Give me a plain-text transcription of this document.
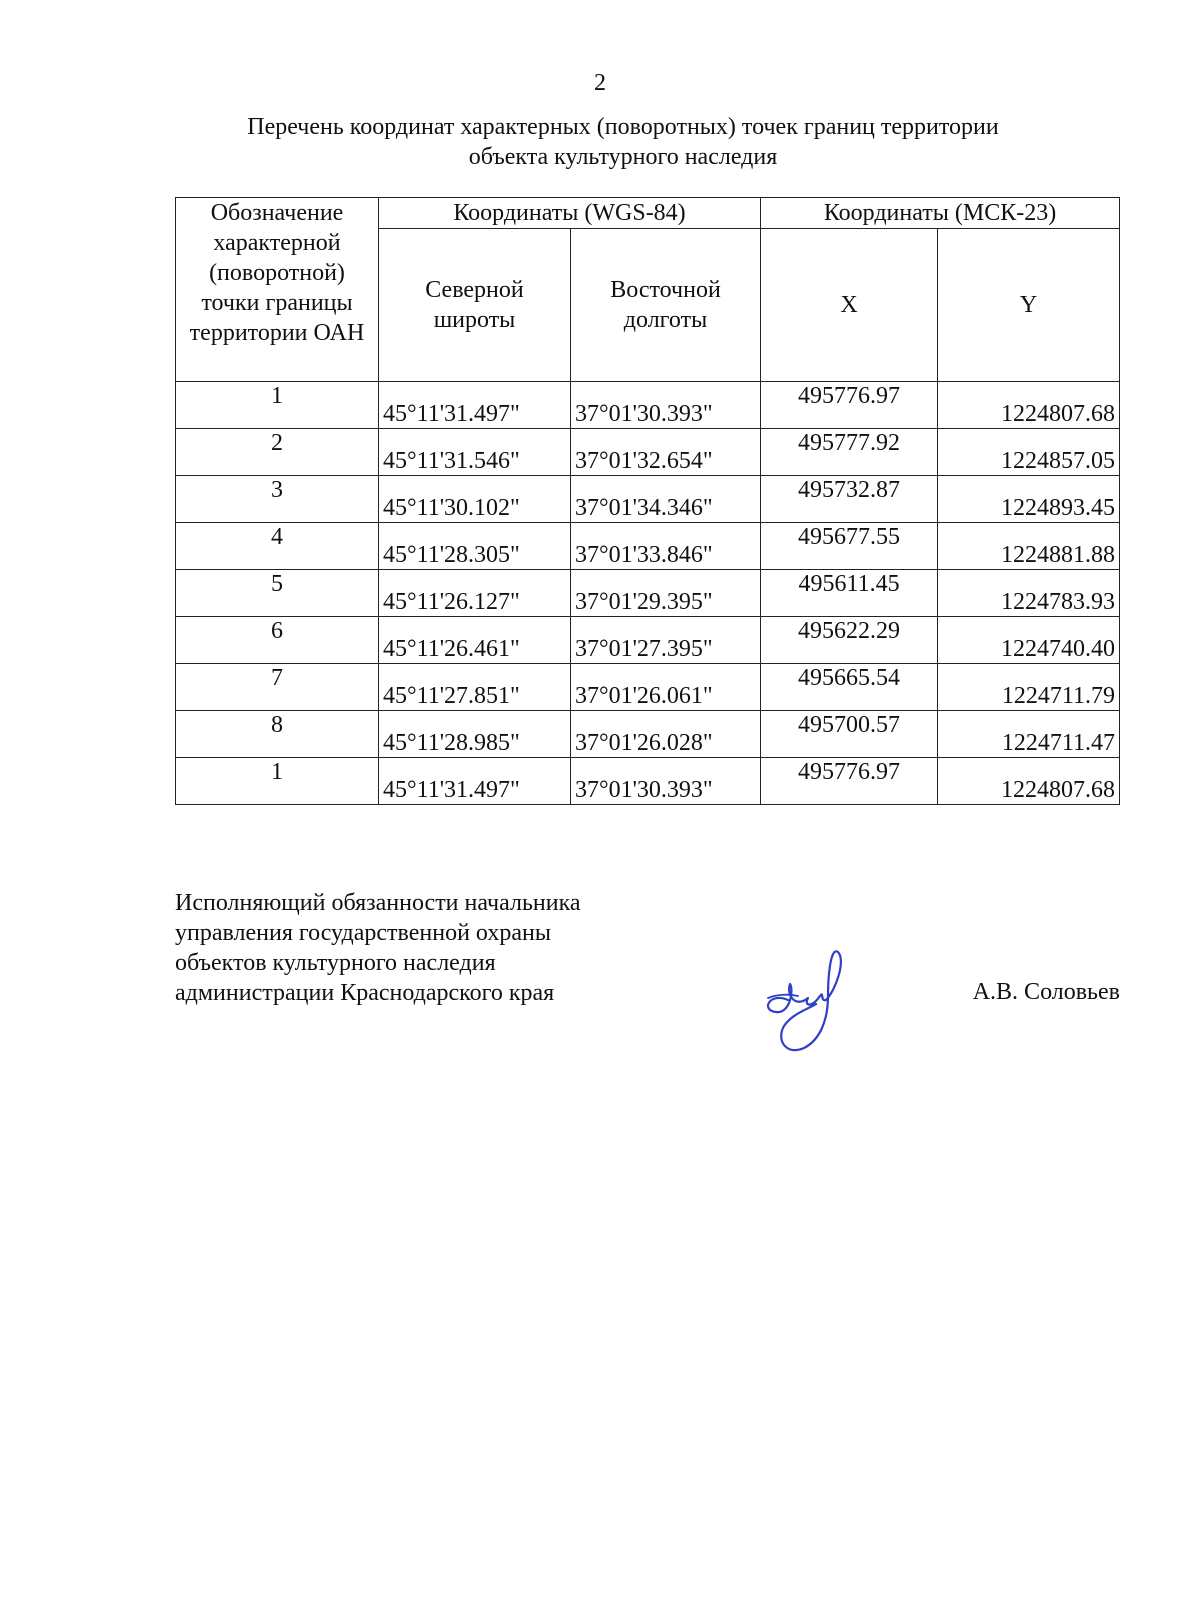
2
Перечень координат характерных (поворотных) точек границ территории
объекта культурного наследия
Обозначение характерной (поворотной) точки границы территории ОАН	Координаты (WGS-84)		Координаты (МСК-23)	
	Северной широты	Восточной долготы	X	Y
1	45°11'31.497"	37°01'30.393"	495776.97	1224807.68
2	45°11'31.546"	37°01'32.654"	495777.92	1224857.05
3	45°11'30.102"	37°01'34.346"	495732.87	1224893.45
4	45°11'28.305"	37°01'33.846"	495677.55	1224881.88
5	45°11'26.127"	37°01'29.395"	495611.45	1224783.93
6	45°11'26.461"	37°01'27.395"	495622.29	1224740.40
7	45°11'27.851"	37°01'26.061"	495665.54	1224711.79
8	45°11'28.985"	37°01'26.028"	495700.57	1224711.47
1	45°11'31.497"	37°01'30.393"	495776.97	1224807.68
Исполняющий обязанности начальника
управления государственной охраны
объектов культурного наследия
администрации Краснодарского края	А.В. Соловьев
